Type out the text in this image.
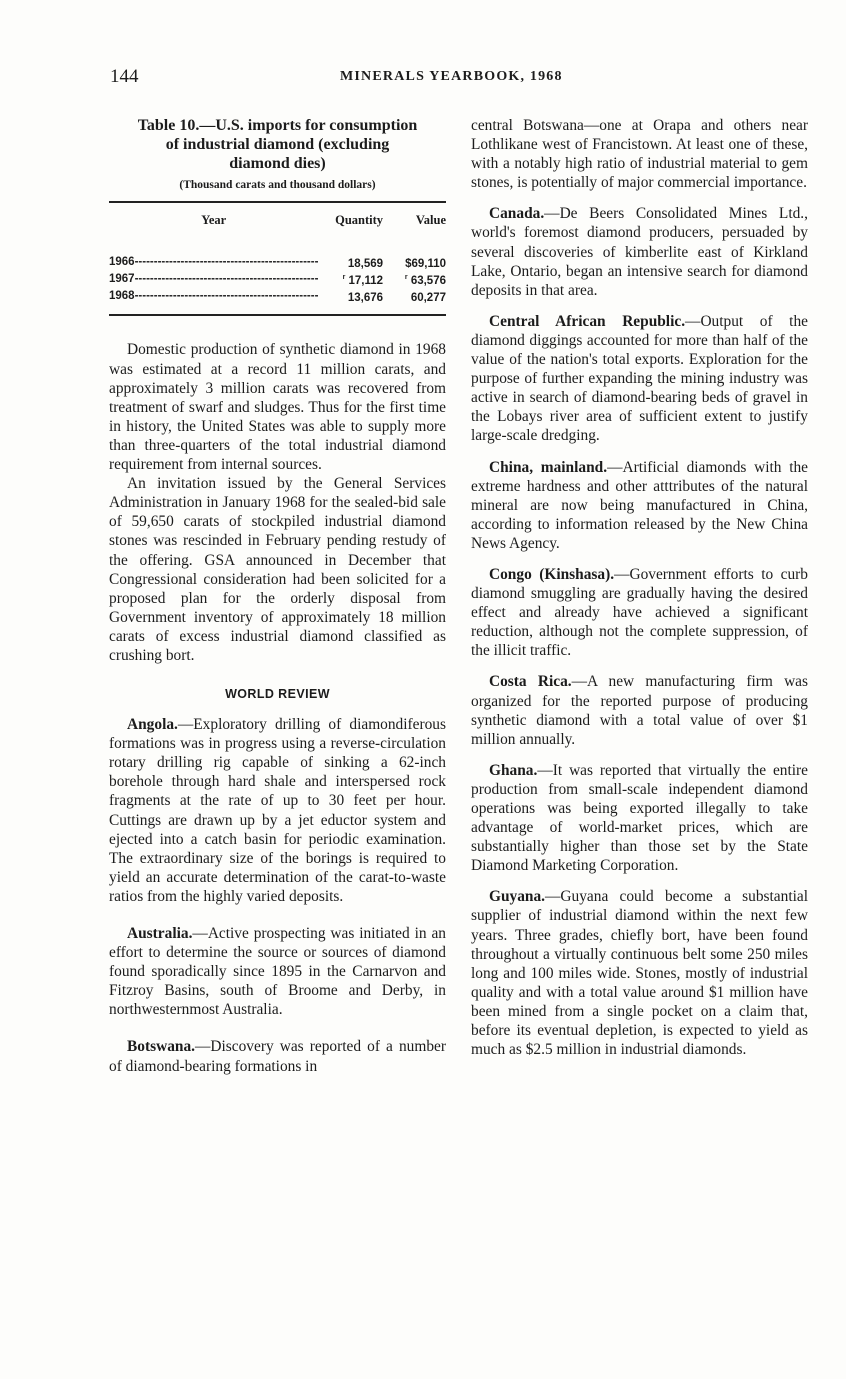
144	MINERALS YEARBOOK, 1968
Table 10.—U.S. imports for consumption
of industrial diamond (excluding
diamond dies)
(Thousand carats and thousand dollars)
Year	Quantity	Value
1966------------------------------------------------	18,569	$69,110
1967------------------------------------------------	$^r$ 17,112	$^r$ 63,576
1968------------------------------------------------	13,676	60,277

Domestic production of synthetic diamond in 1968 was estimated at a record 11 million carats, and approximately 3 million carats was recovered from treatment of swarf and sludges. Thus for the first time in history, the United States was able to supply more than three-quarters of the total industrial diamond requirement from internal sources.

An invitation issued by the General Services Administration in January 1968 for the sealed-bid sale of 59,650 carats of stockpiled industrial diamond stones was rescinded in February pending restudy of the offering. GSA announced in December that Congressional consideration had been solicited for a proposed plan for the orderly disposal from Government inventory of approximately 18 million carats of excess industrial diamond classified as crushing bort.

WORLD REVIEW

Angola.—Exploratory drilling of diamondiferous formations was in progress using a reverse-circulation rotary drilling rig capable of sinking a 62-inch borehole through hard shale and interspersed rock fragments at the rate of up to 30 feet per hour. Cuttings are drawn up by a jet eductor system and ejected into a catch basin for periodic examination. The extraordinary size of the borings is required to yield an accurate determination of the carat-to-waste ratios from the highly varied deposits.

Australia.—Active prospecting was initiated in an effort to determine the source or sources of diamond found sporadically since 1895 in the Carnarvon and Fitzroy Basins, south of Broome and Derby, in northwesternmost Australia.

Botswana.—Discovery was reported of a number of diamond-bearing formations in

central Botswana—one at Orapa and others near Lothlikane west of Francistown. At least one of these, with a notably high ratio of industrial material to gem stones, is potentially of major commercial importance.

Canada.—De Beers Consolidated Mines Ltd., world's foremost diamond producers, persuaded by several discoveries of kimberlite east of Kirkland Lake, Ontario, began an intensive search for diamond deposits in that area.

Central African Republic.—Output of the diamond diggings accounted for more than half of the value of the nation's total exports. Exploration for the purpose of further expanding the mining industry was active in search of diamond-bearing beds of gravel in the Lobays river area of sufficient extent to justify large-scale dredging.

China, mainland.—Artificial diamonds with the extreme hardness and other atttributes of the natural mineral are now being manufactured in China, according to information released by the New China News Agency.

Congo (Kinshasa).—Government efforts to curb diamond smuggling are gradually having the desired effect and already have achieved a significant reduction, although not the complete suppression, of the illicit traffic.

Costa Rica.—A new manufacturing firm was organized for the reported purpose of producing synthetic diamond with a total value of over $1 million annually.

Ghana.—It was reported that virtually the entire production from small-scale independent diamond operations was being exported illegally to take advantage of world-market prices, which are substantially higher than those set by the State Diamond Marketing Corporation.

Guyana.—Guyana could become a substantial supplier of industrial diamond within the next few years. Three grades, chiefly bort, have been found throughout a virtually continuous belt some 250 miles long and 100 miles wide. Stones, mostly of industrial quality and with a total value around $1 million have been mined from a single pocket on a claim that, before its eventual depletion, is expected to yield as much as $2.5 million in industrial diamonds.
